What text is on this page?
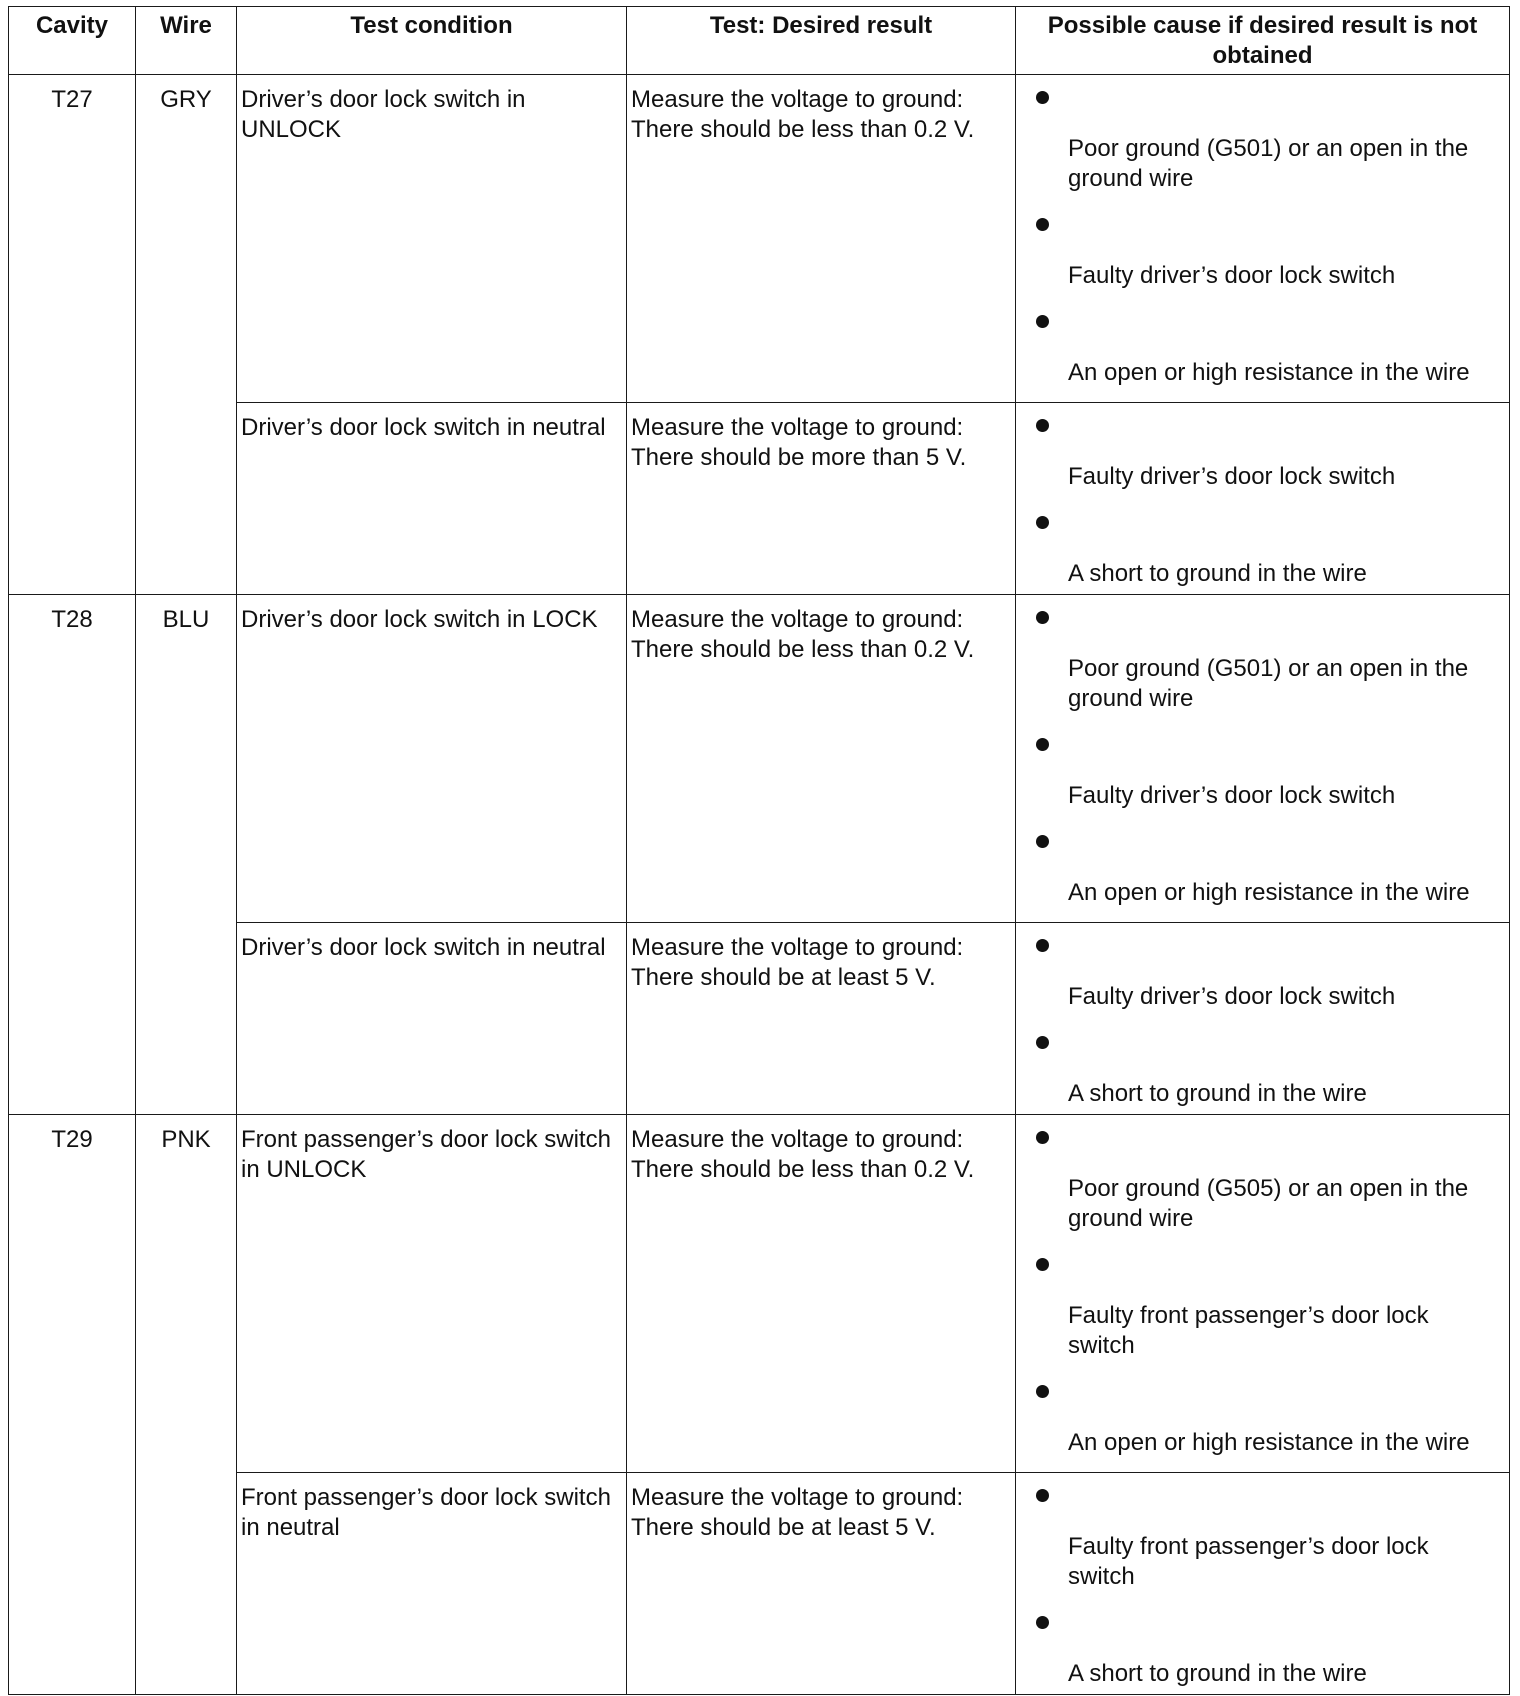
Cavity	Wire	Test condition	Test: Desired result	Possible cause if desired result is not obtained
T27	GRY	Driver’s door lock switch in UNLOCK	Measure the voltage to ground: There should be less than 0.2 V.	Poor ground (G501) or an open in the ground wire
Faulty driver’s door lock switch
An open or high resistance in the wire

		Driver’s door lock switch in neutral	Measure the voltage to ground: There should be more than 5 V.	Faulty driver’s door lock switch
A short to ground in the wire

T28	BLU	Driver’s door lock switch in LOCK	Measure the voltage to ground: There should be less than 0.2 V.	Poor ground (G501) or an open in the ground wire
Faulty driver’s door lock switch
An open or high resistance in the wire

		Driver’s door lock switch in neutral	Measure the voltage to ground: There should be at least 5 V.	Faulty driver’s door lock switch
A short to ground in the wire

T29	PNK	Front passenger’s door lock switch in UNLOCK	Measure the voltage to ground: There should be less than 0.2 V.	Poor ground (G505) or an open in the ground wire
Faulty front passenger’s door lock switch
An open or high resistance in the wire

		Front passenger’s door lock switch in neutral	Measure the voltage to ground: There should be at least 5 V.	Faulty front passenger’s door lock switch
A short to ground in the wire
